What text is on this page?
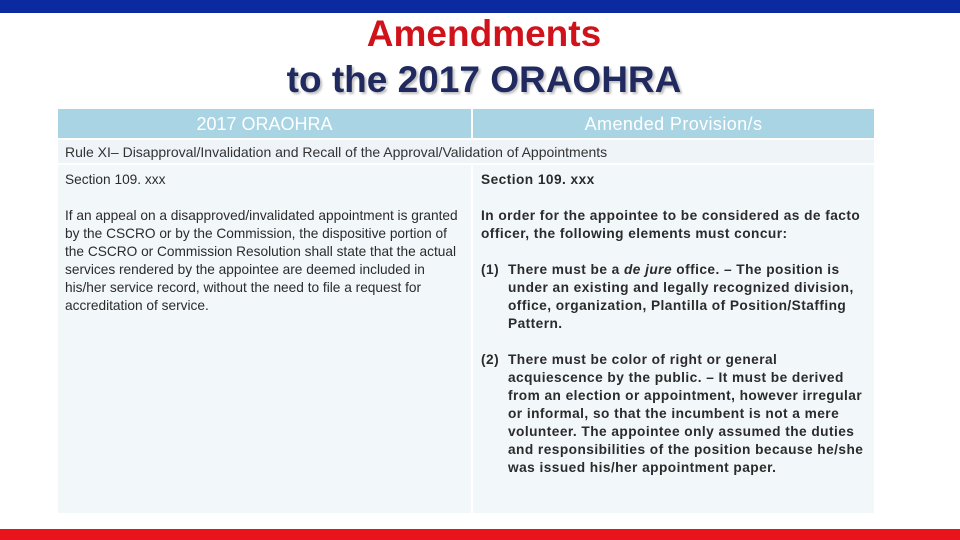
Amendments
to the 2017 ORAOHRA
2017 ORAOHRA	Amended Provision/s
Rule XI– Disapproval/Invalidation and Recall of the Approval/Validation of Appointments

Section 109. xxx

If an appeal on a disapproved/invalidated appointment is granted by the CSCRO or by the Commission, the dispositive portion of the CSCRO or Commission Resolution shall state that the actual services rendered by the appointee are deemed included in his/her service record, without the need to file a request for accreditation of service.

Section 109. xxx

In order for the appointee to be considered as de facto officer, the following elements must concur:

(1) There must be a de jure office. – The position is under an existing and legally recognized division, office, organization, Plantilla of Position/Staffing Pattern.

(2) There must be color of right or general acquiescence by the public. – It must be derived from an election or appointment, however irregular or informal, so that the incumbent is not a mere volunteer. The appointee only assumed the duties and responsibilities of the position because he/she was issued his/her appointment paper.
